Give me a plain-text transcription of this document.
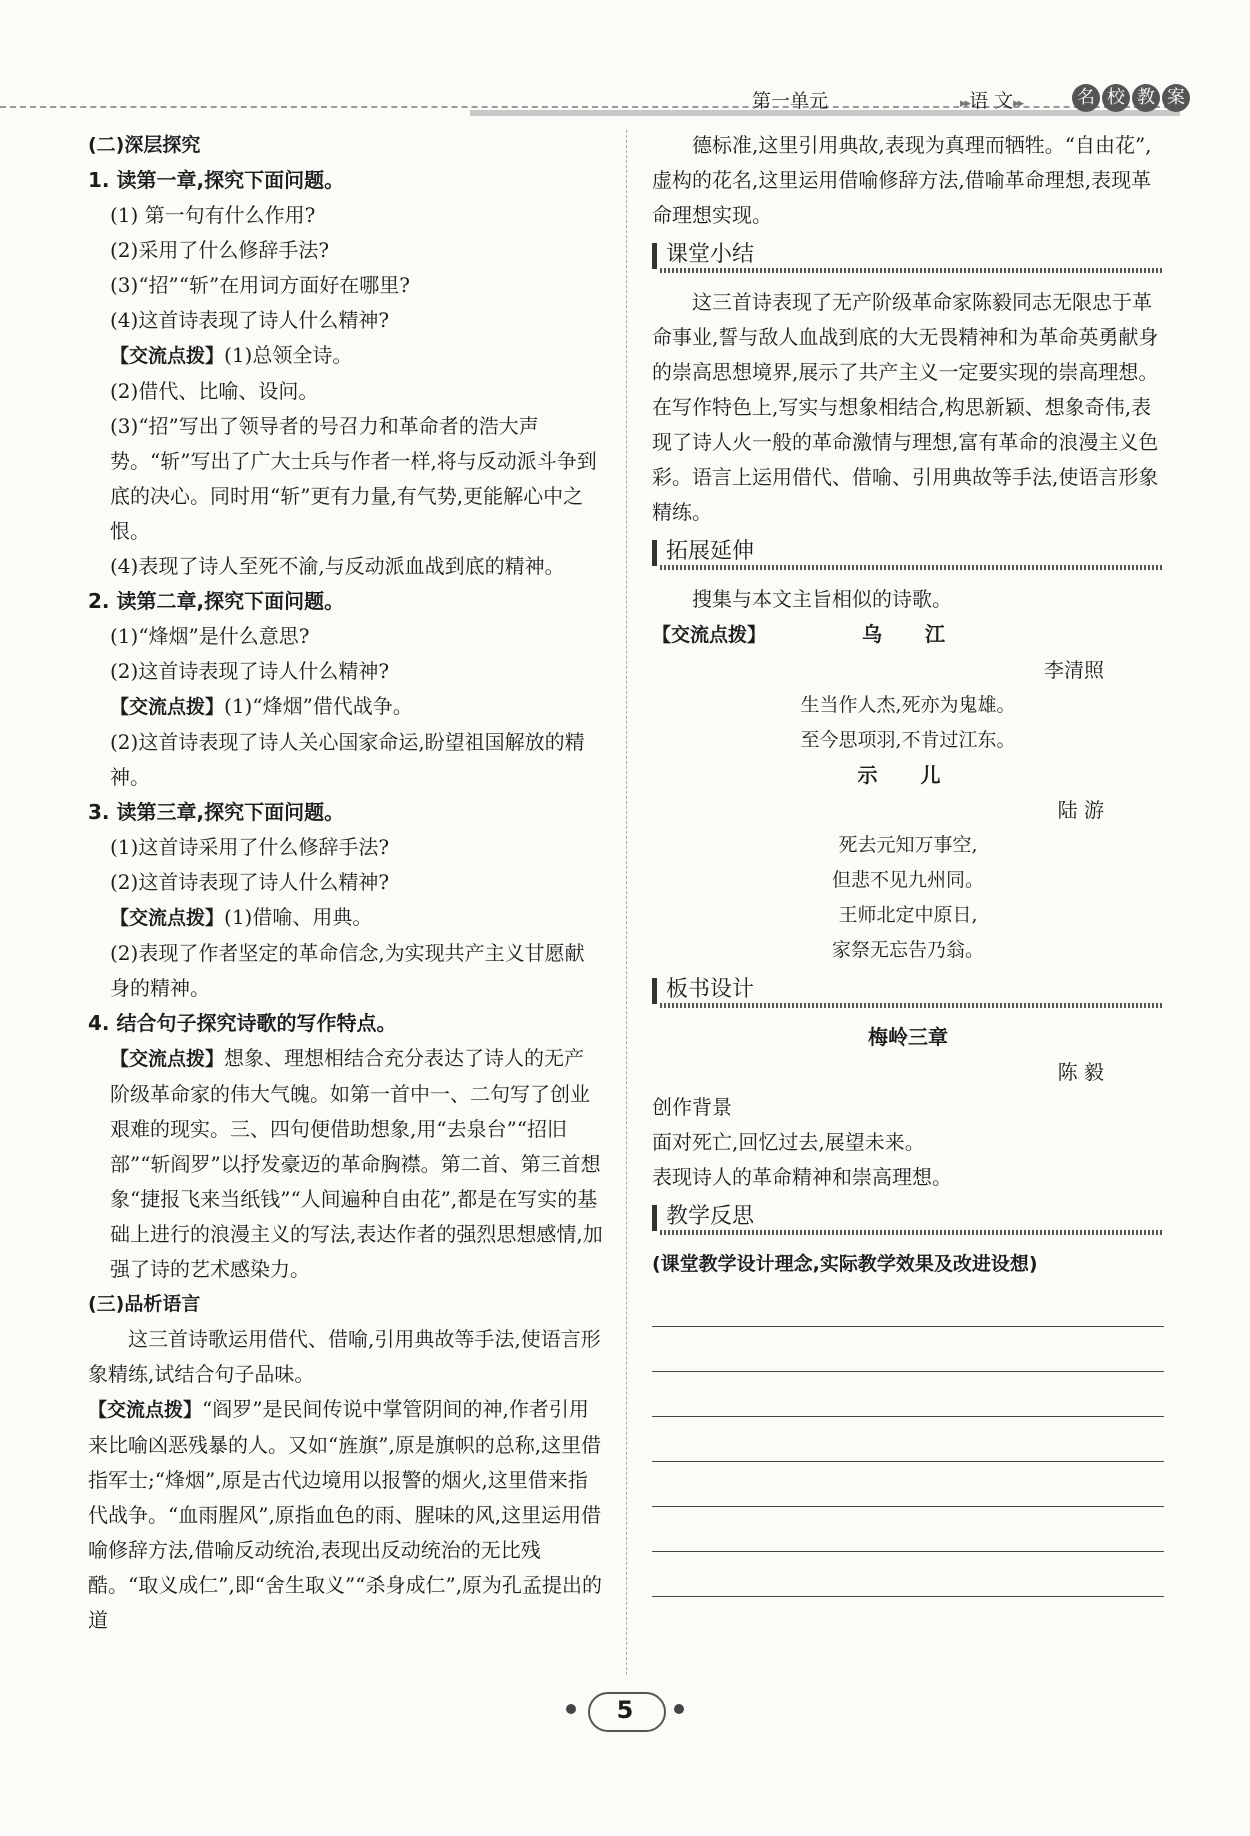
第一单元	▸▸语 文▸▸	名 校 教 案

(二)深层探究

1. 读第一章,探究下面问题。

(1) 第一句有什么作用?

(2)采用了什么修辞手法?

(3)“招”“斩”在用词方面好在哪里?

(4)这首诗表现了诗人什么精神?

【交流点拨】(1)总领全诗。

(2)借代、比喻、设问。

(3)“招”写出了领导者的号召力和革命者的浩大声势。“斩”写出了广大士兵与作者一样,将与反动派斗争到底的决心。同时用“斩”更有力量,有气势,更能解心中之恨。

(4)表现了诗人至死不渝,与反动派血战到底的精神。

2. 读第二章,探究下面问题。

(1)“烽烟”是什么意思?

(2)这首诗表现了诗人什么精神?

【交流点拨】(1)“烽烟”借代战争。

(2)这首诗表现了诗人关心国家命运,盼望祖国解放的精神。

3. 读第三章,探究下面问题。

(1)这首诗采用了什么修辞手法?

(2)这首诗表现了诗人什么精神?

【交流点拨】(1)借喻、用典。

(2)表现了作者坚定的革命信念,为实现共产主义甘愿献身的精神。

4. 结合句子探究诗歌的写作特点。

【交流点拨】想象、理想相结合充分表达了诗人的无产阶级革命家的伟大气魄。如第一首中一、二句写了创业艰难的现实。三、四句便借助想象,用“去泉台”“招旧部”“斩阎罗”以抒发豪迈的革命胸襟。第二首、第三首想象“捷报飞来当纸钱”“人间遍种自由花”,都是在写实的基础上进行的浪漫主义的写法,表达作者的强烈思想感情,加强了诗的艺术感染力。

(三)品析语言

这三首诗歌运用借代、借喻,引用典故等手法,使语言形象精练,试结合句子品味。

【交流点拨】“阎罗”是民间传说中掌管阴间的神,作者引用来比喻凶恶残暴的人。又如“旌旗”,原是旗帜的总称,这里借指军士;“烽烟”,原是古代边境用以报警的烟火,这里借来指代战争。“血雨腥风”,原指血色的雨、腥味的风,这里运用借喻修辞方法,借喻反动统治,表现出反动统治的无比残酷。“取义成仁”,即“舍生取义”“杀身成仁”,原为孔孟提出的道

德标准,这里引用典故,表现为真理而牺牲。“自由花”,虚构的花名,这里运用借喻修辞方法,借喻革命理想,表现革命理想实现。

课堂小结

这三首诗表现了无产阶级革命家陈毅同志无限忠于革命事业,誓与敌人血战到底的大无畏精神和为革命英勇献身的崇高思想境界,展示了共产主义一定要实现的崇高理想。在写作特色上,写实与想象相结合,构思新颖、想象奇伟,表现了诗人火一般的革命激情与理想,富有革命的浪漫主义色彩。语言上运用借代、借喻、引用典故等手法,使语言形象精练。

拓展延伸

搜集与本文主旨相似的诗歌。

【交流点拨】	乌 江

李清照

生当作人杰,死亦为鬼雄。

至今思项羽,不肯过江东。

示 儿

陆 游

死去元知万事空,

但悲不见九州同。

王师北定中原日,

家祭无忘告乃翁。

板书设计

梅岭三章

陈 毅

创作背景

面对死亡,回忆过去,展望未来。

表现诗人的革命精神和崇高理想。

教学反思

(课堂教学设计理念,实际教学效果及改进设想)

5
